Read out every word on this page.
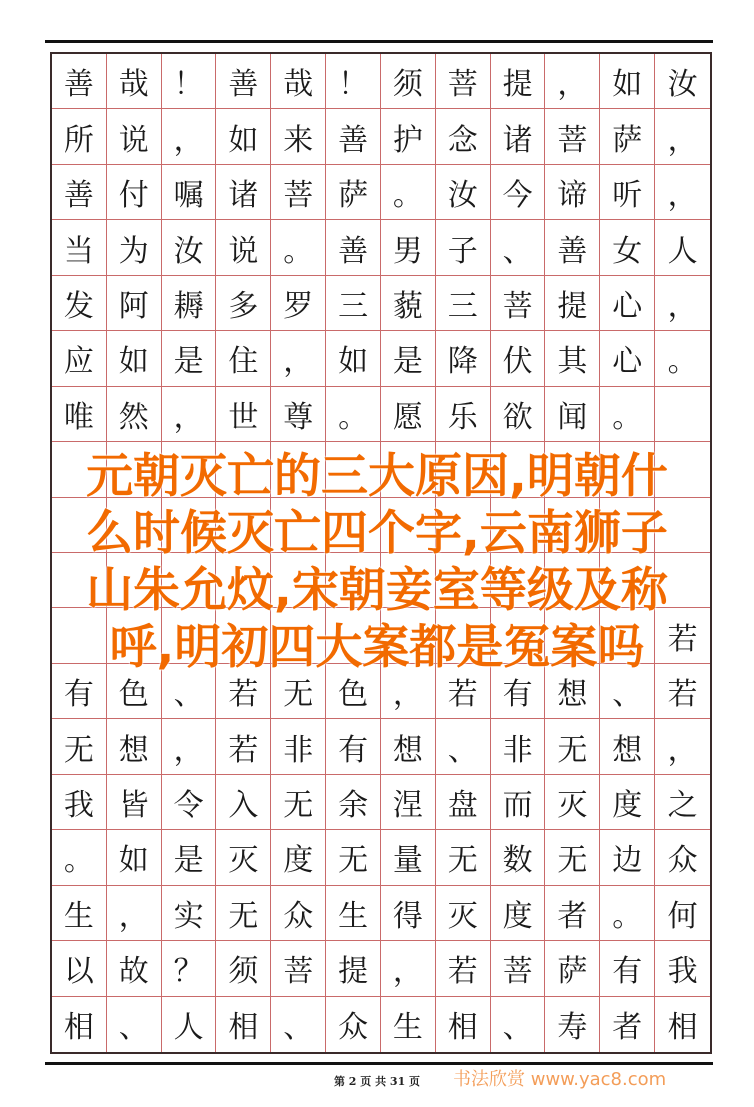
善 哉 ！ 善 哉 ！ 须 菩 提 ， 如 汝
所 说 ， 如 来 善 护 念 诸 菩 萨 ，
善 付 嘱 诸 菩 萨 。 汝 今 谛 听 ，
当 为 汝 说 。 善 男 子 、 善 女 人
发 阿 耨 多 罗 三 藐 三 菩 提 心 ，
应 如 是 住 ， 如 是 降 伏 其 心 。
唯 然 ， 世 尊 。 愿 乐 欲 闻 。
若
有 色 、 若 无 色 ， 若 有 想 、 若
无 想 ， 若 非 有 想 、 非 无 想 ，
我 皆 令 入 无 余 涅 盘 而 灭 度 之
。 如 是 灭 度 无 量 无 数 无 边 众
生 ， 实 无 众 生 得 灭 度 者 。 何
以 故 ？ 须 菩 提 ， 若 菩 萨 有 我
相 、 人 相 、 众 生 相 、 寿 者 相
元朝灭亡的三大原因,明朝什
么时候灭亡四个字,云南狮子
山朱允炆,宋朝妾室等级及称
呼,明初四大案都是冤案吗
第 2 页 共 31 页	书法欣赏 www.yac8.com
